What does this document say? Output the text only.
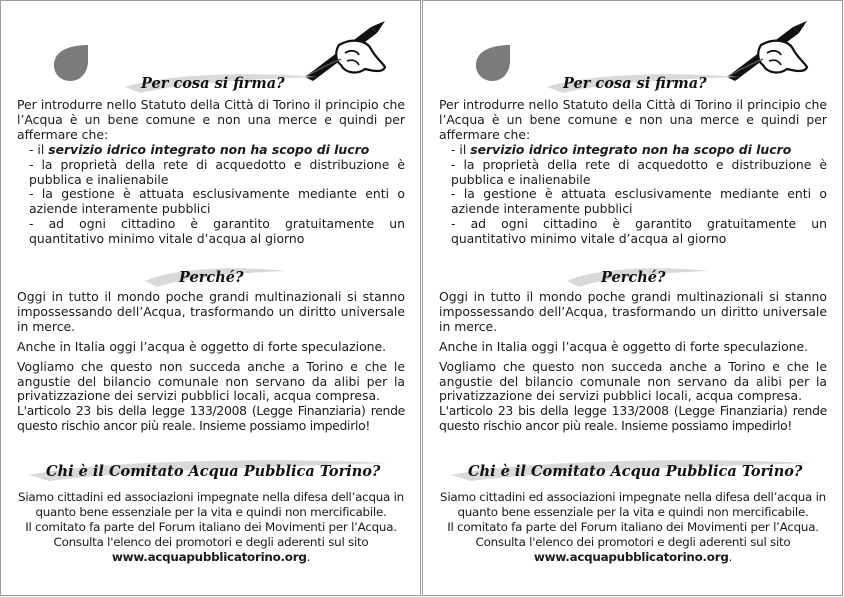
Per cosa si firma?

Per introdurre nello Statuto della Città di Torino il principio che l’Acqua è un bene comune e non una merce e quindi per affermare che:

- il servizio idrico integrato non ha scopo di lucro

- la proprietà della rete di acquedotto e distribuzione è pubblica e inalienabile

- la gestione è attuata esclusivamente mediante enti o aziende interamente pubblici

- ad ogni cittadino è garantito gratuitamente un quantitativo minimo vitale d’acqua al giorno

Perché?

Oggi in tutto il mondo poche grandi multinazionali si stanno impossessando dell’Acqua, trasformando un diritto universale in merce.

Anche in Italia oggi l’acqua è oggetto di forte speculazione.

Vogliamo che questo non succeda anche a Torino e che le angustie del bilancio comunale non servano da alibi per la privatizzazione dei servizi pubblici locali, acqua compresa.

L'articolo 23 bis della legge 133/2008 (Legge Finanziaria) rende questo rischio ancor più reale. Insieme possiamo impedirlo!

Chi è il Comitato Acqua Pubblica Torino?

Siamo cittadini ed associazioni impegnate nella difesa dell’acqua in quanto bene essenziale per la vita e quindi non mercificabile.

Il comitato fa parte del Forum italiano dei Movimenti per l’Acqua.

Consulta l'elenco dei promotori e degli aderenti sul sito

www.acquapubblicatorino.org.

Per cosa si firma?

Per introdurre nello Statuto della Città di Torino il principio che l’Acqua è un bene comune e non una merce e quindi per affermare che:

- il servizio idrico integrato non ha scopo di lucro

- la proprietà della rete di acquedotto e distribuzione è pubblica e inalienabile

- la gestione è attuata esclusivamente mediante enti o aziende interamente pubblici

- ad ogni cittadino è garantito gratuitamente un quantitativo minimo vitale d’acqua al giorno

Perché?

Oggi in tutto il mondo poche grandi multinazionali si stanno impossessando dell’Acqua, trasformando un diritto universale in merce.

Anche in Italia oggi l’acqua è oggetto di forte speculazione.

Vogliamo che questo non succeda anche a Torino e che le angustie del bilancio comunale non servano da alibi per la privatizzazione dei servizi pubblici locali, acqua compresa.

L'articolo 23 bis della legge 133/2008 (Legge Finanziaria) rende questo rischio ancor più reale. Insieme possiamo impedirlo!

Chi è il Comitato Acqua Pubblica Torino?

Siamo cittadini ed associazioni impegnate nella difesa dell’acqua in quanto bene essenziale per la vita e quindi non mercificabile.

Il comitato fa parte del Forum italiano dei Movimenti per l’Acqua.

Consulta l'elenco dei promotori e degli aderenti sul sito

www.acquapubblicatorino.org.
